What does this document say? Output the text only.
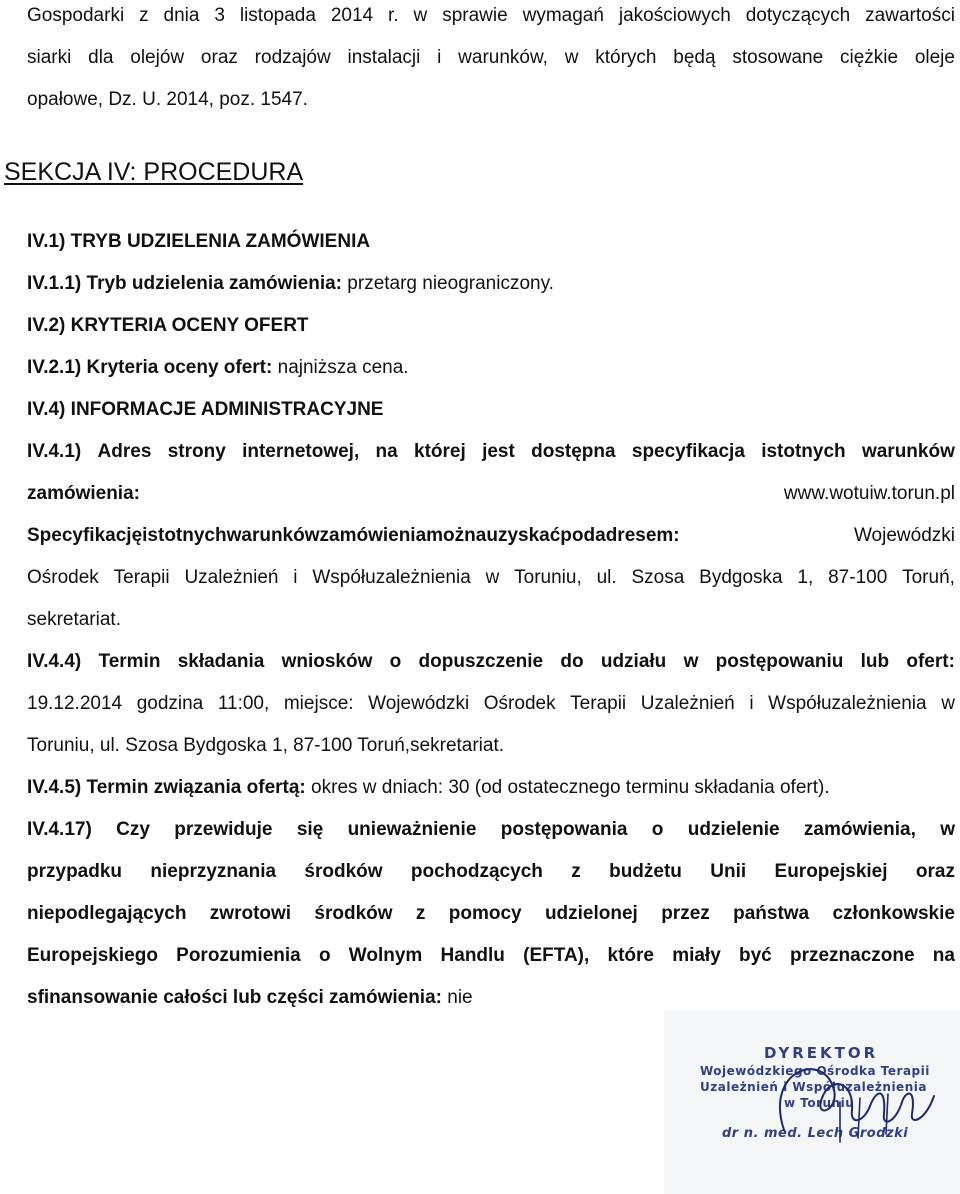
Gospodarki z dnia 3 listopada 2014 r. w sprawie wymagań jakościowych dotyczących zawartości
siarki dla olejów oraz rodzajów instalacji i warunków, w których będą stosowane ciężkie oleje
opałowe, Dz. U. 2014, poz. 1547.
SEKCJA IV: PROCEDURA
IV.1) TRYB UDZIELENIA ZAMÓWIENIA
IV.1.1) Tryb udzielenia zamówienia: przetarg nieograniczony.
IV.2) KRYTERIA OCENY OFERT
IV.2.1) Kryteria oceny ofert: najniższa cena.
IV.4) INFORMACJE ADMINISTRACYJNE
IV.4.1) Adres strony internetowej, na której jest dostępna specyfikacja istotnych warunków
zamówienia:	www.wotuiw.torun.pl
Specyfikacjęistotnychwarunkówzamówieniamożnauzyskaćpodadresem:	Wojewódzki
Ośrodek Terapii Uzależnień i Współuzależnienia w Toruniu, ul. Szosa Bydgoska 1, 87-100 Toruń,
sekretariat.
IV.4.4) Termin składania wniosków o dopuszczenie do udziału w postępowaniu lub ofert:
19.12.2014 godzina 11:00, miejsce: Wojewódzki Ośrodek Terapii Uzależnień i Współuzależnienia w
Toruniu, ul. Szosa Bydgoska 1, 87-100 Toruń,sekretariat.
IV.4.5) Termin związania ofertą: okres w dniach: 30 (od ostatecznego terminu składania ofert).
IV.4.17) Czy przewiduje się unieważnienie postępowania o udzielenie zamówienia, w
przypadku nieprzyznania środków pochodzących z budżetu Unii Europejskiej oraz
niepodlegających zwrotowi środków z pomocy udzielonej przez państwa członkowskie
Europejskiego Porozumienia o Wolnym Handlu (EFTA), które miały być przeznaczone na
sfinansowanie całości lub części zamówienia: nie
DYREKTOR
Wojewódzkiego Ośrodka Terapii
Uzależnień i Współuzależnienia
w Toruniu
dr n. med. Lech Grodzki
